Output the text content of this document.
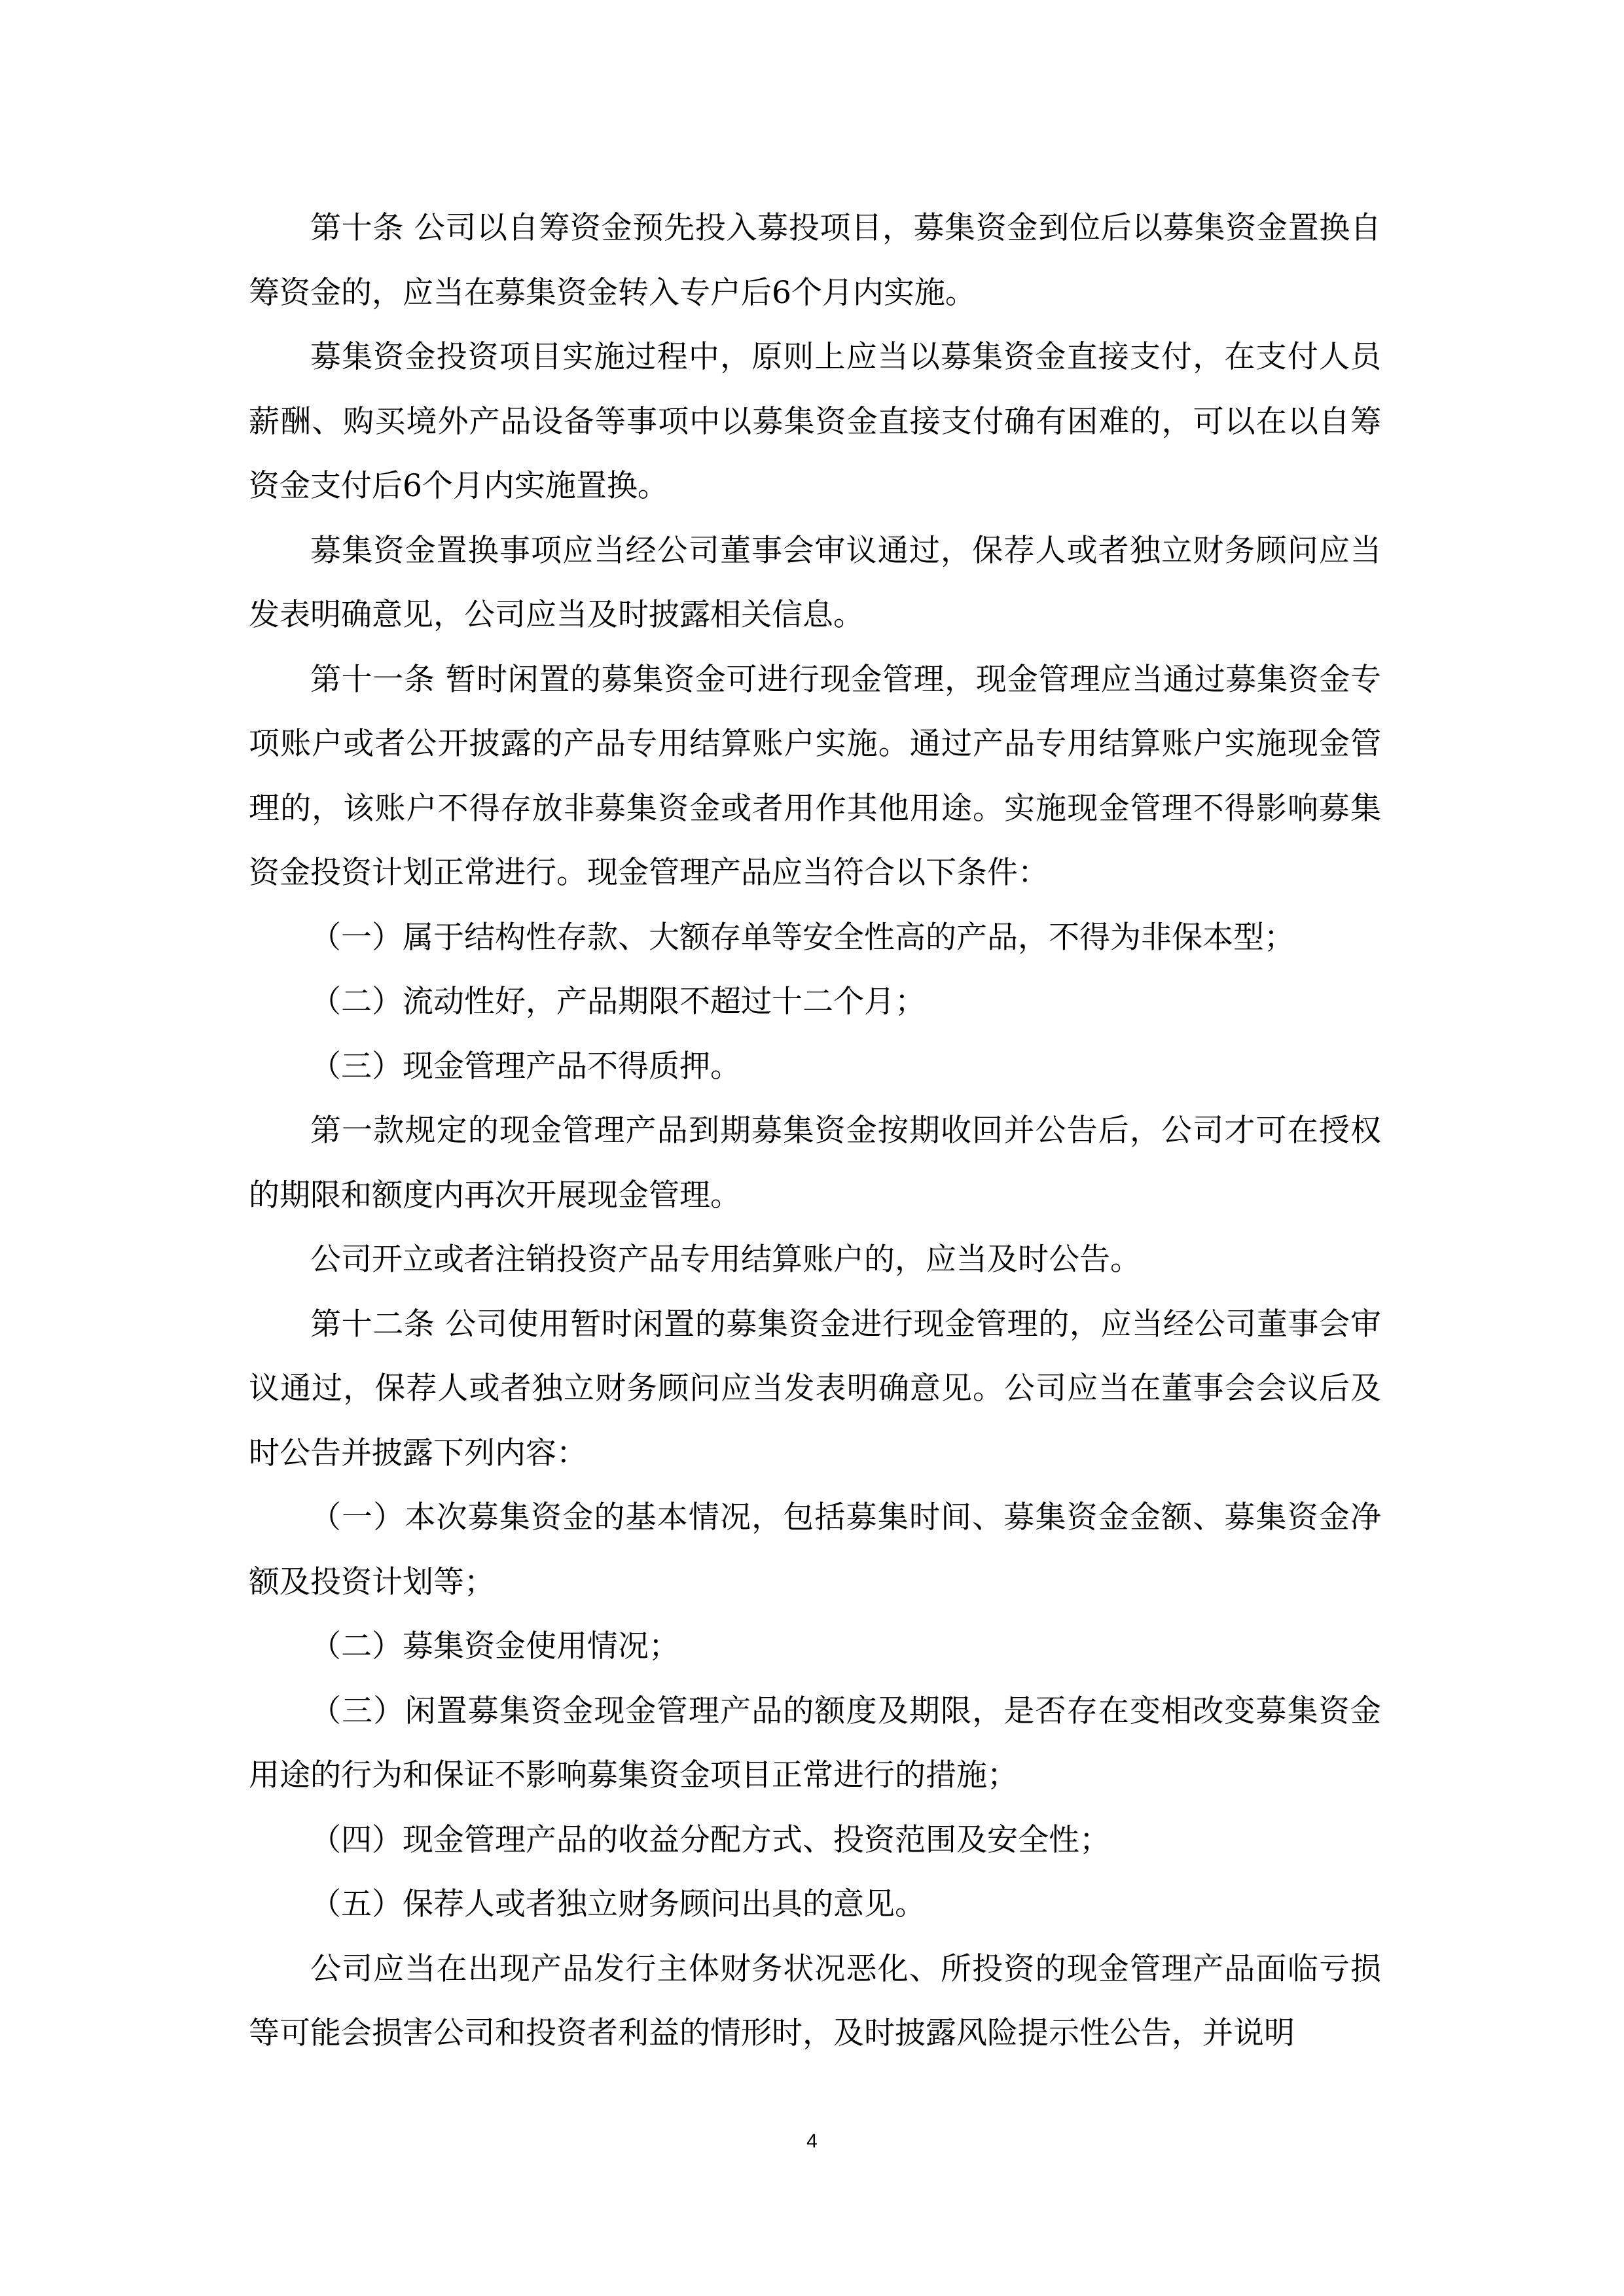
第十条 公司以自筹资金预先投入募投项目，募集资金到位后以募集资金置换自筹资金的，应当在募集资金转入专户后6个月内实施。

募集资金投资项目实施过程中，原则上应当以募集资金直接支付，在支付人员薪酬、购买境外产品设备等事项中以募集资金直接支付确有困难的，可以在以自筹资金支付后6个月内实施置换。

募集资金置换事项应当经公司董事会审议通过，保荐人或者独立财务顾问应当发表明确意见，公司应当及时披露相关信息。

第十一条 暂时闲置的募集资金可进行现金管理，现金管理应当通过募集资金专项账户或者公开披露的产品专用结算账户实施。通过产品专用结算账户实施现金管理的，该账户不得存放非募集资金或者用作其他用途。实施现金管理不得影响募集资金投资计划正常进行。现金管理产品应当符合以下条件：

（一）属于结构性存款、大额存单等安全性高的产品，不得为非保本型；

（二）流动性好，产品期限不超过十二个月；

（三）现金管理产品不得质押。

第一款规定的现金管理产品到期募集资金按期收回并公告后，公司才可在授权的期限和额度内再次开展现金管理。

公司开立或者注销投资产品专用结算账户的，应当及时公告。

第十二条 公司使用暂时闲置的募集资金进行现金管理的，应当经公司董事会审议通过，保荐人或者独立财务顾问应当发表明确意见。公司应当在董事会会议后及时公告并披露下列内容：

（一）本次募集资金的基本情况，包括募集时间、募集资金金额、募集资金净额及投资计划等；

（二）募集资金使用情况；

（三）闲置募集资金现金管理产品的额度及期限，是否存在变相改变募集资金用途的行为和保证不影响募集资金项目正常进行的措施；

（四）现金管理产品的收益分配方式、投资范围及安全性；

（五）保荐人或者独立财务顾问出具的意见。

公司应当在出现产品发行主体财务状况恶化、所投资的现金管理产品面临亏损等可能会损害公司和投资者利益的情形时，及时披露风险提示性公告，并说明

4
